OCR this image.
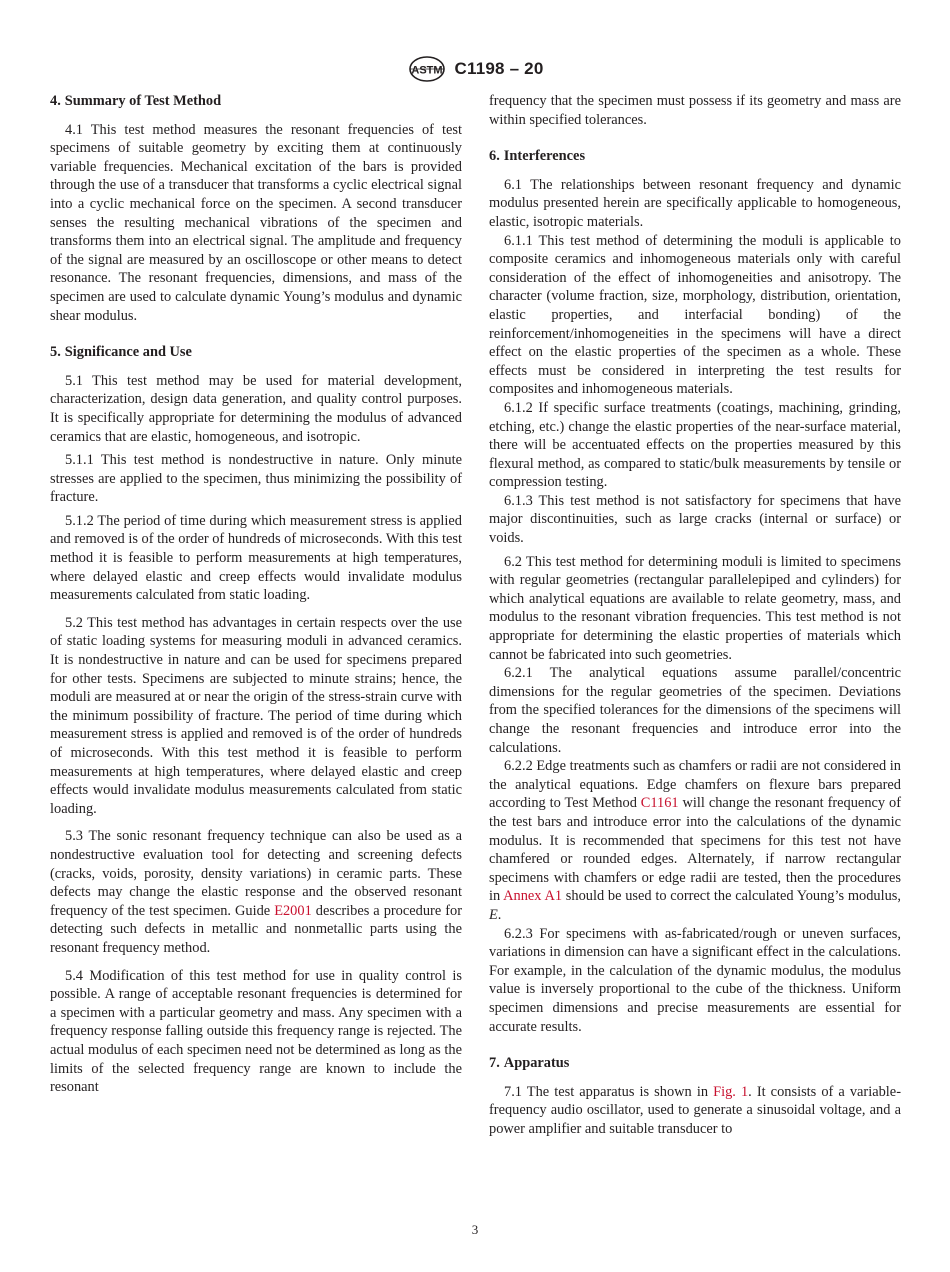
ASTM C1198 – 20
4. Summary of Test Method

4.1 This test method measures the resonant frequencies of test specimens of suitable geometry by exciting them at continuously variable frequencies. Mechanical excitation of the bars is provided through the use of a transducer that transforms a cyclic electrical signal into a cyclic mechanical force on the specimen. A second transducer senses the resulting mechanical vibrations of the specimen and transforms them into an electrical signal. The amplitude and frequency of the signal are measured by an oscilloscope or other means to detect resonance. The resonant frequencies, dimensions, and mass of the specimen are used to calculate dynamic Young’s modulus and dynamic shear modulus.

5. Significance and Use

5.1 This test method may be used for material development, characterization, design data generation, and quality control purposes. It is specifically appropriate for determining the modulus of advanced ceramics that are elastic, homogeneous, and isotropic.

5.1.1 This test method is nondestructive in nature. Only minute stresses are applied to the specimen, thus minimizing the possibility of fracture.

5.1.2 The period of time during which measurement stress is applied and removed is of the order of hundreds of microseconds. With this test method it is feasible to perform measurements at high temperatures, where delayed elastic and creep effects would invalidate modulus measurements calculated from static loading.

5.2 This test method has advantages in certain respects over the use of static loading systems for measuring moduli in advanced ceramics. It is nondestructive in nature and can be used for specimens prepared for other tests. Specimens are subjected to minute strains; hence, the moduli are measured at or near the origin of the stress-strain curve with the minimum possibility of fracture. The period of time during which measurement stress is applied and removed is of the order of hundreds of microseconds. With this test method it is feasible to perform measurements at high temperatures, where delayed elastic and creep effects would invalidate modulus measurements calculated from static loading.

5.3 The sonic resonant frequency technique can also be used as a nondestructive evaluation tool for detecting and screening defects (cracks, voids, porosity, density variations) in ceramic parts. These defects may change the elastic response and the observed resonant frequency of the test specimen. Guide E2001 describes a procedure for detecting such defects in metallic and nonmetallic parts using the resonant frequency method.

5.4 Modification of this test method for use in quality control is possible. A range of acceptable resonant frequencies is determined for a specimen with a particular geometry and mass. Any specimen with a frequency response falling outside this frequency range is rejected. The actual modulus of each specimen need not be determined as long as the limits of the selected frequency range are known to include the resonant

frequency that the specimen must possess if its geometry and mass are within specified tolerances.

6. Interferences

6.1 The relationships between resonant frequency and dynamic modulus presented herein are specifically applicable to homogeneous, elastic, isotropic materials.

6.1.1 This test method of determining the moduli is applicable to composite ceramics and inhomogeneous materials only with careful consideration of the effect of inhomogeneities and anisotropy. The character (volume fraction, size, morphology, distribution, orientation, elastic properties, and interfacial bonding) of the reinforcement/inhomogeneities in the specimens will have a direct effect on the elastic properties of the specimen as a whole. These effects must be considered in interpreting the test results for composites and inhomogeneous materials.

6.1.2 If specific surface treatments (coatings, machining, grinding, etching, etc.) change the elastic properties of the near-surface material, there will be accentuated effects on the properties measured by this flexural method, as compared to static/bulk measurements by tensile or compression testing.

6.1.3 This test method is not satisfactory for specimens that have major discontinuities, such as large cracks (internal or surface) or voids.

6.2 This test method for determining moduli is limited to specimens with regular geometries (rectangular parallelepiped and cylinders) for which analytical equations are available to relate geometry, mass, and modulus to the resonant vibration frequencies. This test method is not appropriate for determining the elastic properties of materials which cannot be fabricated into such geometries.

6.2.1 The analytical equations assume parallel/concentric dimensions for the regular geometries of the specimen. Deviations from the specified tolerances for the dimensions of the specimens will change the resonant frequencies and introduce error into the calculations.

6.2.2 Edge treatments such as chamfers or radii are not considered in the analytical equations. Edge chamfers on flexure bars prepared according to Test Method C1161 will change the resonant frequency of the test bars and introduce error into the calculations of the dynamic modulus. It is recommended that specimens for this test not have chamfered or rounded edges. Alternately, if narrow rectangular specimens with chamfers or edge radii are tested, then the procedures in Annex A1 should be used to correct the calculated Young’s modulus, E.

6.2.3 For specimens with as-fabricated/rough or uneven surfaces, variations in dimension can have a significant effect in the calculations. For example, in the calculation of the dynamic modulus, the modulus value is inversely proportional to the cube of the thickness. Uniform specimen dimensions and precise measurements are essential for accurate results.

7. Apparatus

7.1 The test apparatus is shown in Fig. 1. It consists of a variable-frequency audio oscillator, used to generate a sinusoidal voltage, and a power amplifier and suitable transducer to

3
